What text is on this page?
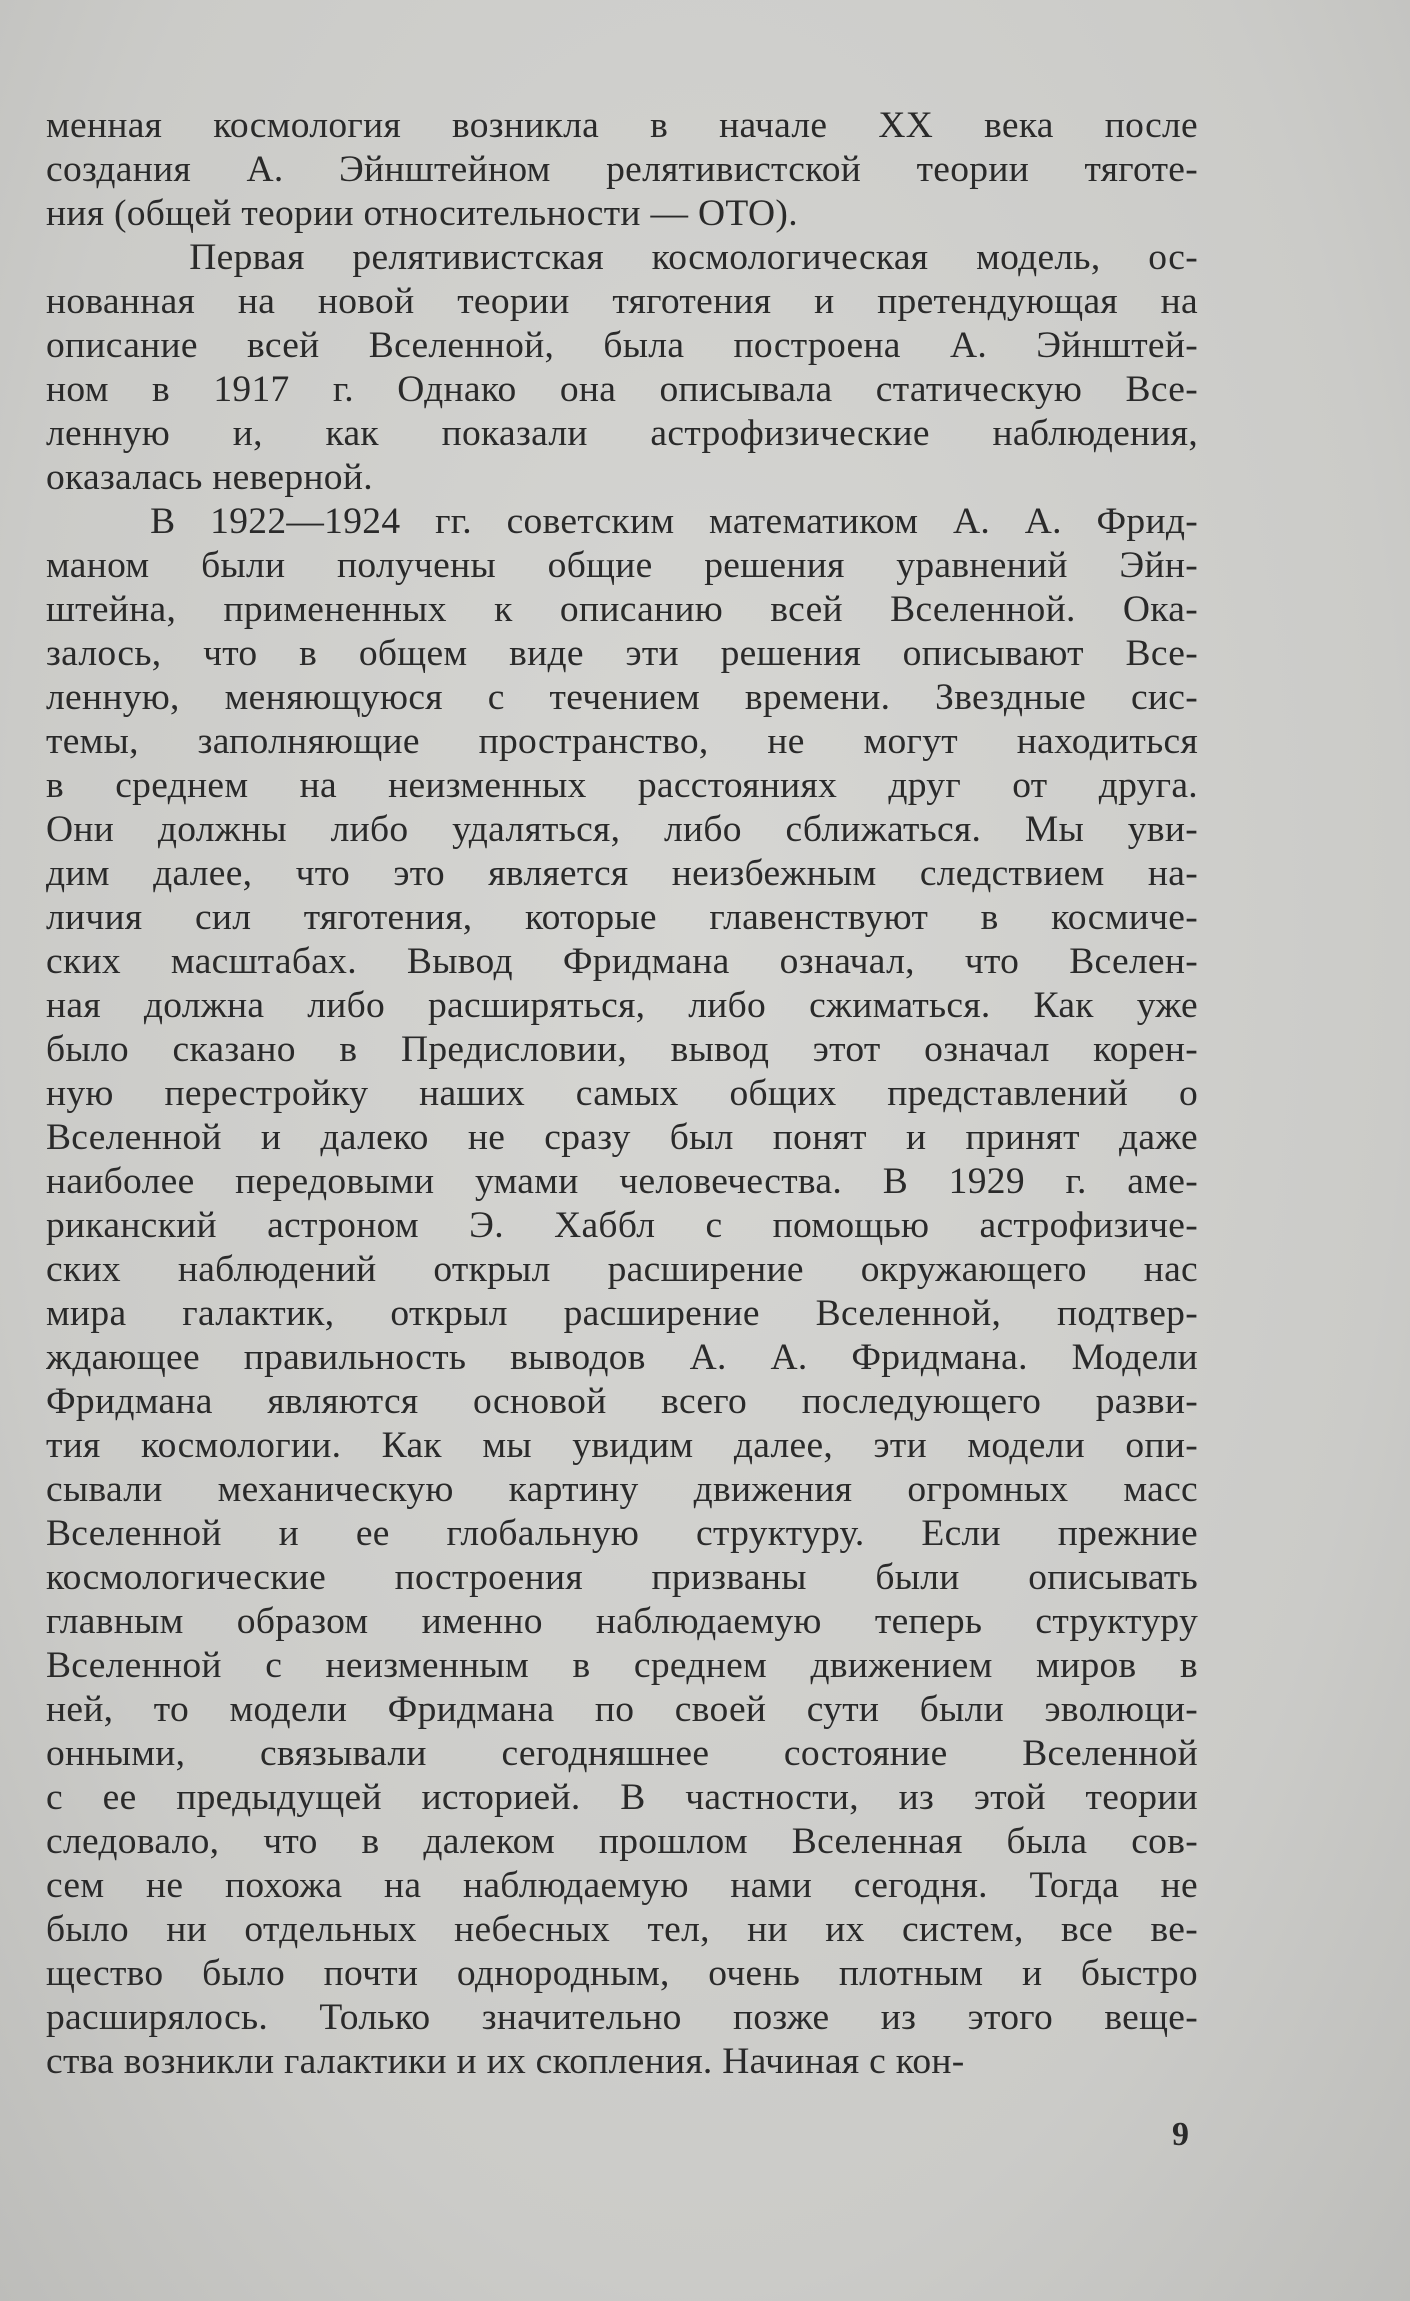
менная космология возникла в начале XX века после
создания А. Эйнштейном релятивистской теории тяготе-
ния (общей теории относительности — ОТО).
Первая релятивистская космологическая модель, ос-
нованная на новой теории тяготения и претендующая на
описание всей Вселенной, была построена А. Эйнштей-
ном в 1917 г. Однако она описывала статическую Все-
ленную и, как показали астрофизические наблюдения,
оказалась неверной.
В 1922—1924 гг. советским математиком А. А. Фрид-
маном были получены общие решения уравнений Эйн-
штейна, примененных к описанию всей Вселенной. Ока-
залось, что в общем виде эти решения описывают Все-
ленную, меняющуюся с течением времени. Звездные сис-
темы, заполняющие пространство, не могут находиться
в среднем на неизменных расстояниях друг от друга.
Они должны либо удаляться, либо сближаться. Мы уви-
дим далее, что это является неизбежным следствием на-
личия сил тяготения, которые главенствуют в космиче-
ских масштабах. Вывод Фридмана означал, что Вселен-
ная должна либо расширяться, либо сжиматься. Как уже
было сказано в Предисловии, вывод этот означал корен-
ную перестройку наших самых общих представлений о
Вселенной и далеко не сразу был понят и принят даже
наиболее передовыми умами человечества. В 1929 г. аме-
риканский астроном Э. Хаббл с помощью астрофизиче-
ских наблюдений открыл расширение окружающего нас
мира галактик, открыл расширение Вселенной, подтвер-
ждающее правильность выводов А. А. Фридмана. Модели
Фридмана являются основой всего последующего разви-
тия космологии. Как мы увидим далее, эти модели опи-
сывали механическую картину движения огромных масс
Вселенной и ее глобальную структуру. Если прежние
космологические построения призваны были описывать
главным образом именно наблюдаемую теперь структуру
Вселенной с неизменным в среднем движением миров в
ней, то модели Фридмана по своей сути были эволюци-
онными, связывали сегодняшнее состояние Вселенной
с ее предыдущей историей. В частности, из этой теории
следовало, что в далеком прошлом Вселенная была сов-
сем не похожа на наблюдаемую нами сегодня. Тогда не
было ни отдельных небесных тел, ни их систем, все ве-
щество было почти однородным, очень плотным и быстро
расширялось. Только значительно позже из этого веще-
ства возникли галактики и их скопления. Начиная с кон-
9
